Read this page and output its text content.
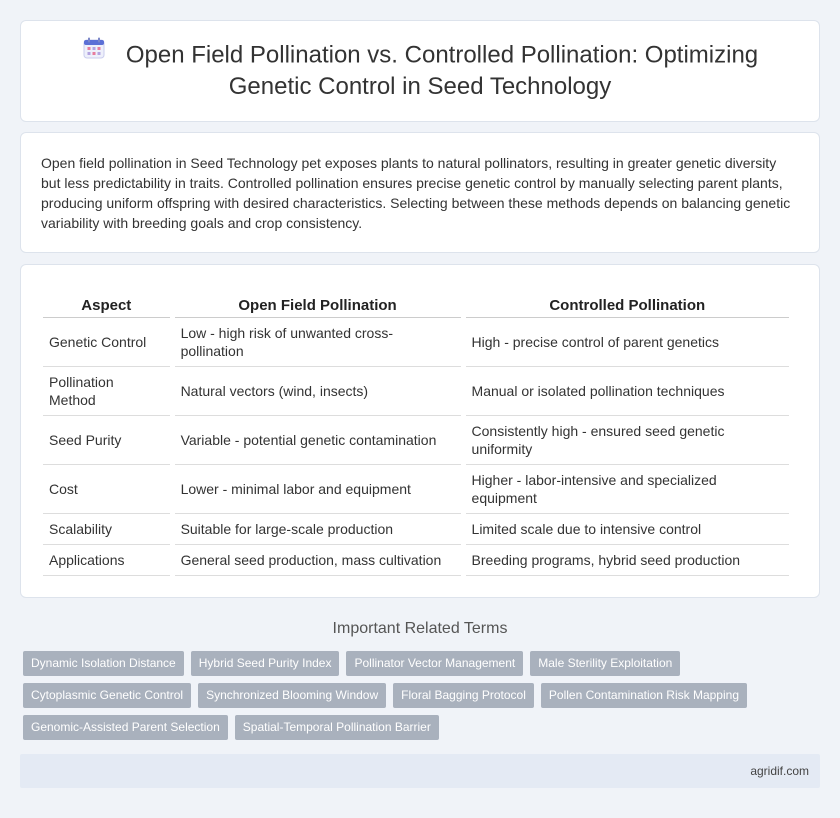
Open Field Pollination vs. Controlled Pollination: Optimizing Genetic Control in Seed Technology

Open field pollination in Seed Technology pet exposes plants to natural pollinators, resulting in greater genetic diversity but less predictability in traits. Controlled pollination ensures precise genetic control by manually selecting parent plants, producing uniform offspring with desired characteristics. Selecting between these methods depends on balancing genetic variability with breeding goals and crop consistency.

Aspect	Open Field Pollination	Controlled Pollination
Genetic Control	Low - high risk of unwanted cross-pollination	High - precise control of parent genetics
Pollination Method	Natural vectors (wind, insects)	Manual or isolated pollination techniques
Seed Purity	Variable - potential genetic contamination	Consistently high - ensured seed genetic uniformity
Cost	Lower - minimal labor and equipment	Higher - labor-intensive and specialized equipment
Scalability	Suitable for large-scale production	Limited scale due to intensive control
Applications	General seed production, mass cultivation	Breeding programs, hybrid seed production
Important Related Terms
Dynamic Isolation Distance	Hybrid Seed Purity Index	Pollinator Vector Management	Male Sterility Exploitation
Cytoplasmic Genetic Control	Synchronized Blooming Window	Floral Bagging Protocol	Pollen Contamination Risk Mapping
Genomic-Assisted Parent Selection	Spatial-Temporal Pollination Barrier
agridif.com
